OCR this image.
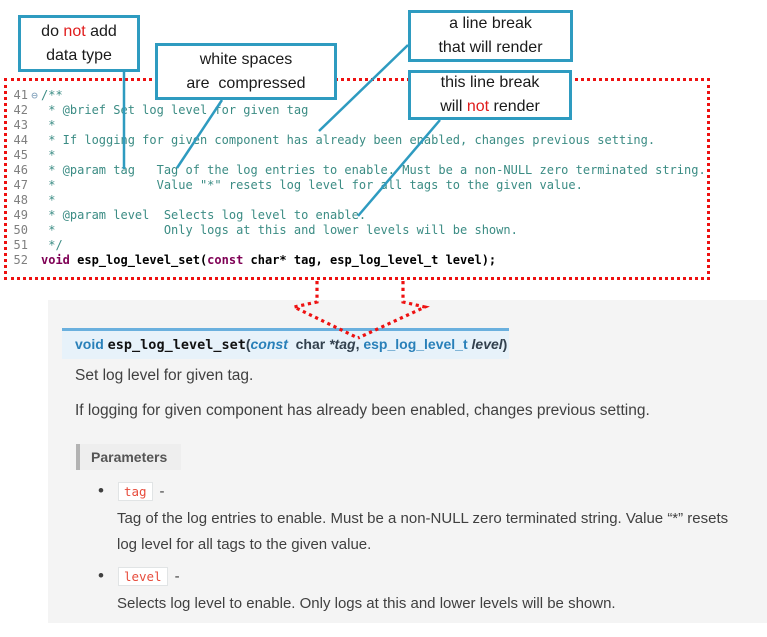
41 ⊖ /**
42 * @brief Set log level for given tag
43 *
44 * If logging for given component has already been enabled, changes previous setting.
45 *
46 * @param tag   Tag of the log entries to enable. Must be a non-NULL zero terminated string.
47 *              Value "*" resets log level for all tags to the given value.
48 *
49 * @param level  Selects log level to enable.
50 *               Only logs at this and lower levels will be shown.
51 */
52 void esp_log_level_set(const char* tag, esp_log_level_t level);
void esp_log_level_set(const  char *tag, esp_log_level_t level)
Set log level for given tag.
If logging for given component has already been enabled, changes previous setting.
Parameters
•	tag -
Tag of the log entries to enable. Must be a non-NULL zero terminated string. Value “*” resets log level for all tags to the given value.
•	level -
Selects log level to enable. Only logs at this and lower levels will be shown.
do not add
data type	white spaces
are  compressed
a line break
that will render
this line break
will not render
